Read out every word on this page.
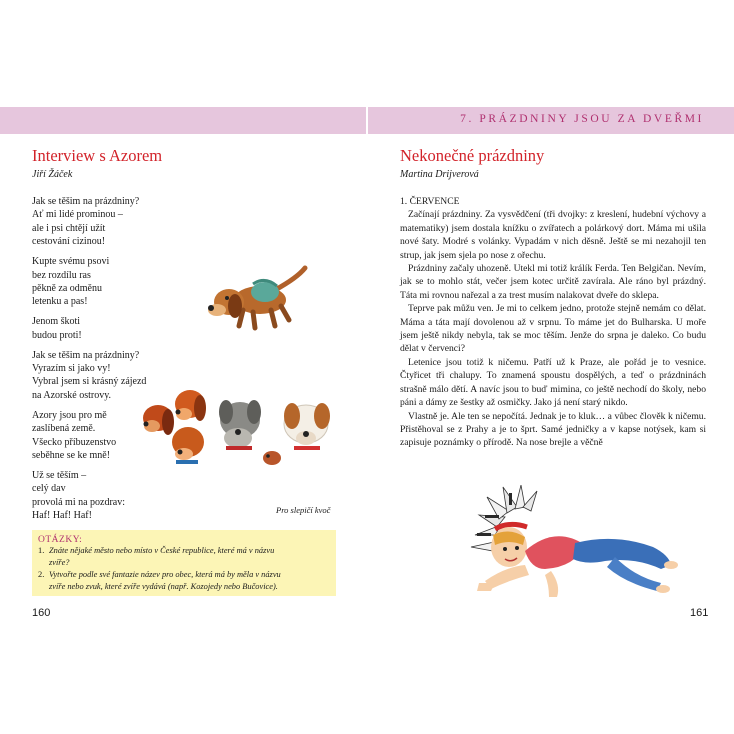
7. PRÁZDNINY JSOU ZA DVEŘMI
Interview s Azorem
Jiří Žáček
Jak se těšim na prázdniny?
Ať mi lidé prominou –
ale i psi chtějí užít
cestování cizinou!
Kupte svému psovi
bez rozdílu ras
pěkně za odměnu
letenku a pas!
Jenom škoti
budou proti!
Jak se těšim na prázdniny?
Vyrazím si jako vy!
Vybral jsem si krásný zájezd
na Azorské ostrovy.
Azory jsou pro mě
zaslíbená země.
Všecko příbuzenstvo
seběhne se ke mně!
Už se těším –
celý dav
provolá mi na pozdrav:
Haf! Haf! Haf!
Pro slepičí kvoč
OTÁZKY:
1. Znáte nějaké město nebo místo v České republice, které má v názvu
zvíře?
2. Vytvořte podle své fantazie název pro obec, která má by měla v názvu
zvíře nebo zvuk, které zvíře vydává (např. Kozojedy nebo Bučovice).
160
Nekonečné prázdniny
Martina Drijverová
1. ČERVENCE

Začínají prázdniny. Za vysvědčení (tři dvojky: z kreslení, hudební výchovy a matematiky) jsem dostala knížku o zvířatech a polárkový dort. Máma mi ušila nové šaty. Modré s volánky. Vypadám v nich děsně. Ještě se mi nezahojil ten strup, jak jsem sjela po nose z ořechu.

Prázdniny začaly uhozeně. Utekl mi totiž králík Ferda. Ten Belgičan. Nevím, jak se to mohlo stát, večer jsem kotec určitě zavírala. Ale ráno byl prázdný. Táta mi rovnou nařezal a za trest musím nalakovat dveře do sklepa.

Teprve pak můžu ven. Je mi to celkem jedno, protože stejně nemám co dělat. Máma a táta mají dovolenou až v srpnu. To máme jet do Bulharska. U moře jsem ještě nikdy nebyla, tak se moc těším. Jenže do srpna je daleko. Co budu dělat v červenci?

Letenice jsou totiž k ničemu. Patří už k Praze, ale pořád je to vesnice. Čtyřicet tři chalupy. To znamená spoustu dospělých, a teď o prázdninách strašně málo dětí. A navíc jsou to buď mimina, co ještě nechodí do školy, nebo páni a dámy ze šestky až osmičky. Jako já není starý nikdo.

Vlastně je. Ale ten se nepočítá. Jednak je to kluk… a vůbec člověk k ničemu. Přistěhoval se z Prahy a je to šprt. Samé jedničky a v kapse notýsek, kam si zapisuje poznámky o přírodě. Na nose brejle a věčně

161
